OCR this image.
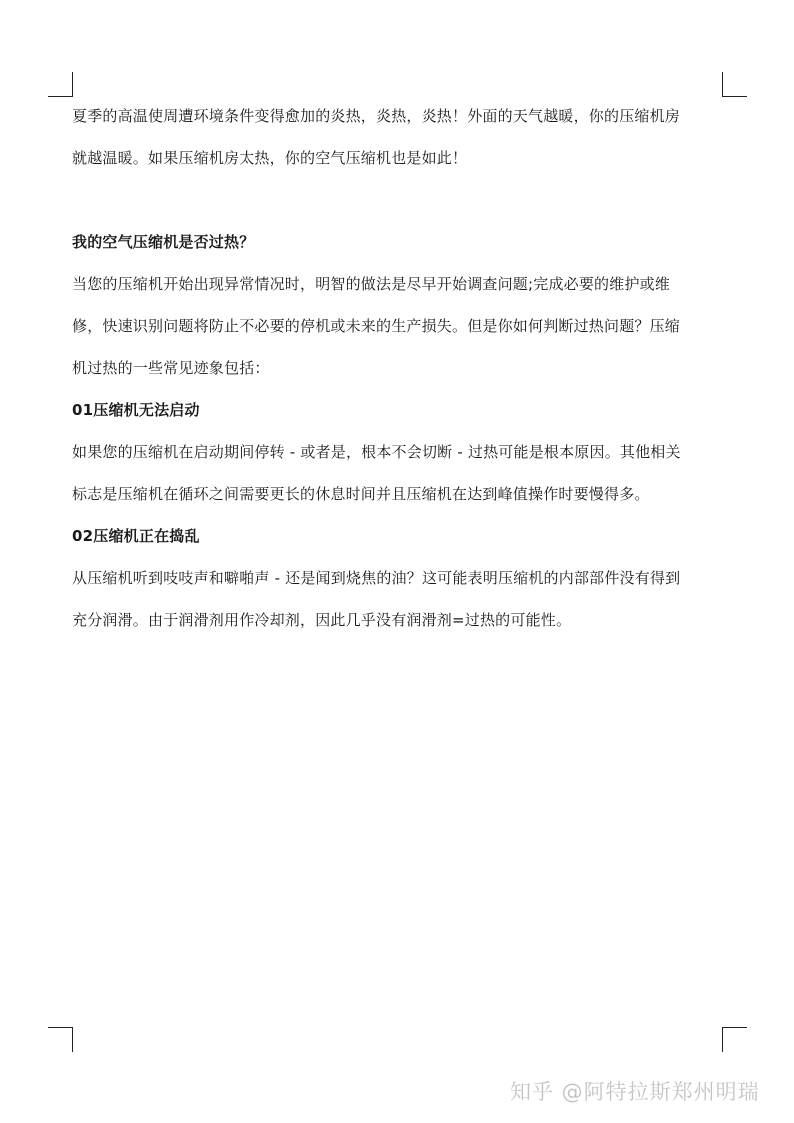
夏季的高温使周遭环境条件变得愈加的炎热，炎热，炎热！外面的天气越暖，你的压缩机房
就越温暖。如果压缩机房太热，你的空气压缩机也是如此！
我的空气压缩机是否过热？
当您的压缩机开始出现异常情况时，明智的做法是尽早开始调查问题;完成必要的维护或维
修，快速识别问题将防止不必要的停机或未来的生产损失。但是你如何判断过热问题？压缩
机过热的一些常见迹象包括：
01压缩机无法启动
如果您的压缩机在启动期间停转 - 或者是，根本不会切断 - 过热可能是根本原因。其他相关
标志是压缩机在循环之间需要更长的休息时间并且压缩机在达到峰值操作时要慢得多。
02压缩机正在捣乱
从压缩机听到吱吱声和噼啪声 - 还是闻到烧焦的油？这可能表明压缩机的内部部件没有得到
充分润滑。由于润滑剂用作冷却剂，因此几乎没有润滑剂=过热的可能性。
知乎 @阿特拉斯郑州明瑞
